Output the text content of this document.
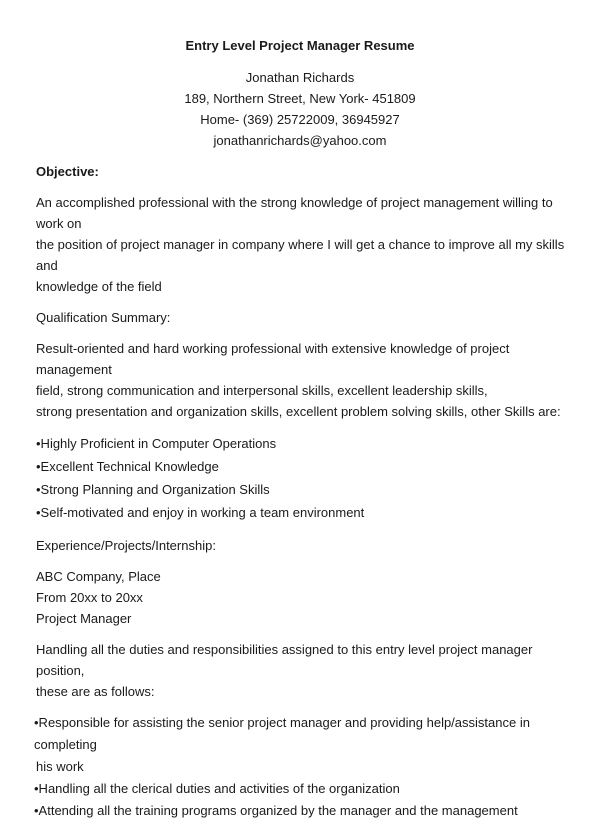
Entry Level Project Manager Resume
Jonathan Richards
189, Northern Street, New York- 451809
Home- (369) 25722009, 36945927
jonathanrichards@yahoo.com
Objective:
An accomplished professional with the strong knowledge of project management willing to work on
the position of project manager in company where I will get a chance to improve all my skills and
knowledge of the field
Qualification Summary:
Result-oriented and hard working professional with extensive knowledge of project management
field, strong communication and interpersonal skills, excellent leadership skills,
strong presentation and organization skills, excellent problem solving skills, other Skills are:
•Highly Proficient in Computer Operations
•Excellent Technical Knowledge
•Strong Planning and Organization Skills
•Self-motivated and enjoy in working a team environment
Experience/Projects/Internship:
ABC Company, Place
From 20xx to 20xx
Project Manager
Handling all the duties and responsibilities assigned to this entry level project manager position,
these are as follows:
•Responsible for assisting the senior project manager and providing help/assistance in completing
his work
•Handling all the clerical duties and activities of the organization
•Attending all the training programs organized by the manager and the management
